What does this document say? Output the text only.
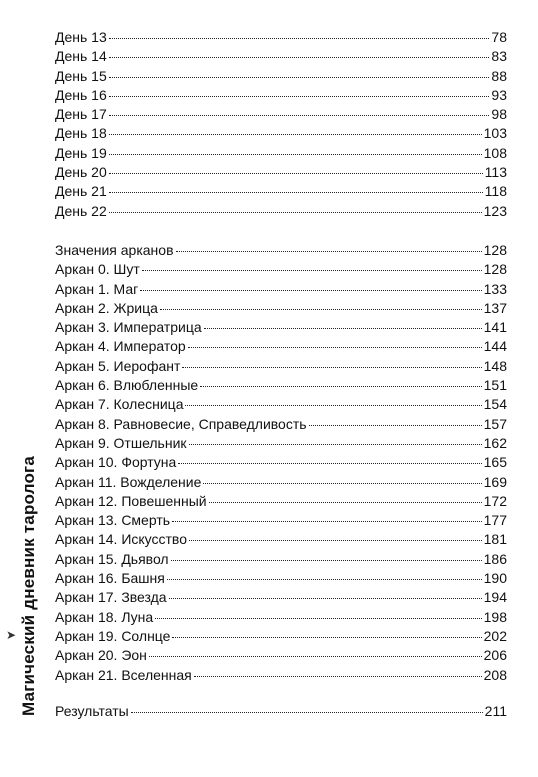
➤ Магический дневник таролога
День 13	78
День 14	83
День 15	88
День 16	93
День 17	98
День 18	103
День 19	108
День 20	113
День 21	118
День 22	123
Значения арканов	128
Аркан 0. Шут	128
Аркан 1. Маг	133
Аркан 2. Жрица	137
Аркан 3. Императрица	141
Аркан 4. Император	144
Аркан 5. Иерофант	148
Аркан 6. Влюбленные	151
Аркан 7. Колесница	154
Аркан 8. Равновесие, Справедливость	157
Аркан 9. Отшельник	162
Аркан 10. Фортуна	165
Аркан 11. Вожделение	169
Аркан 12. Повешенный	172
Аркан 13. Смерть	177
Аркан 14. Искусство	181
Аркан 15. Дьявол	186
Аркан 16. Башня	190
Аркан 17. Звезда	194
Аркан 18. Луна	198
Аркан 19. Солнце	202
Аркан 20. Эон	206
Аркан 21. Вселенная	208
Результаты	211
